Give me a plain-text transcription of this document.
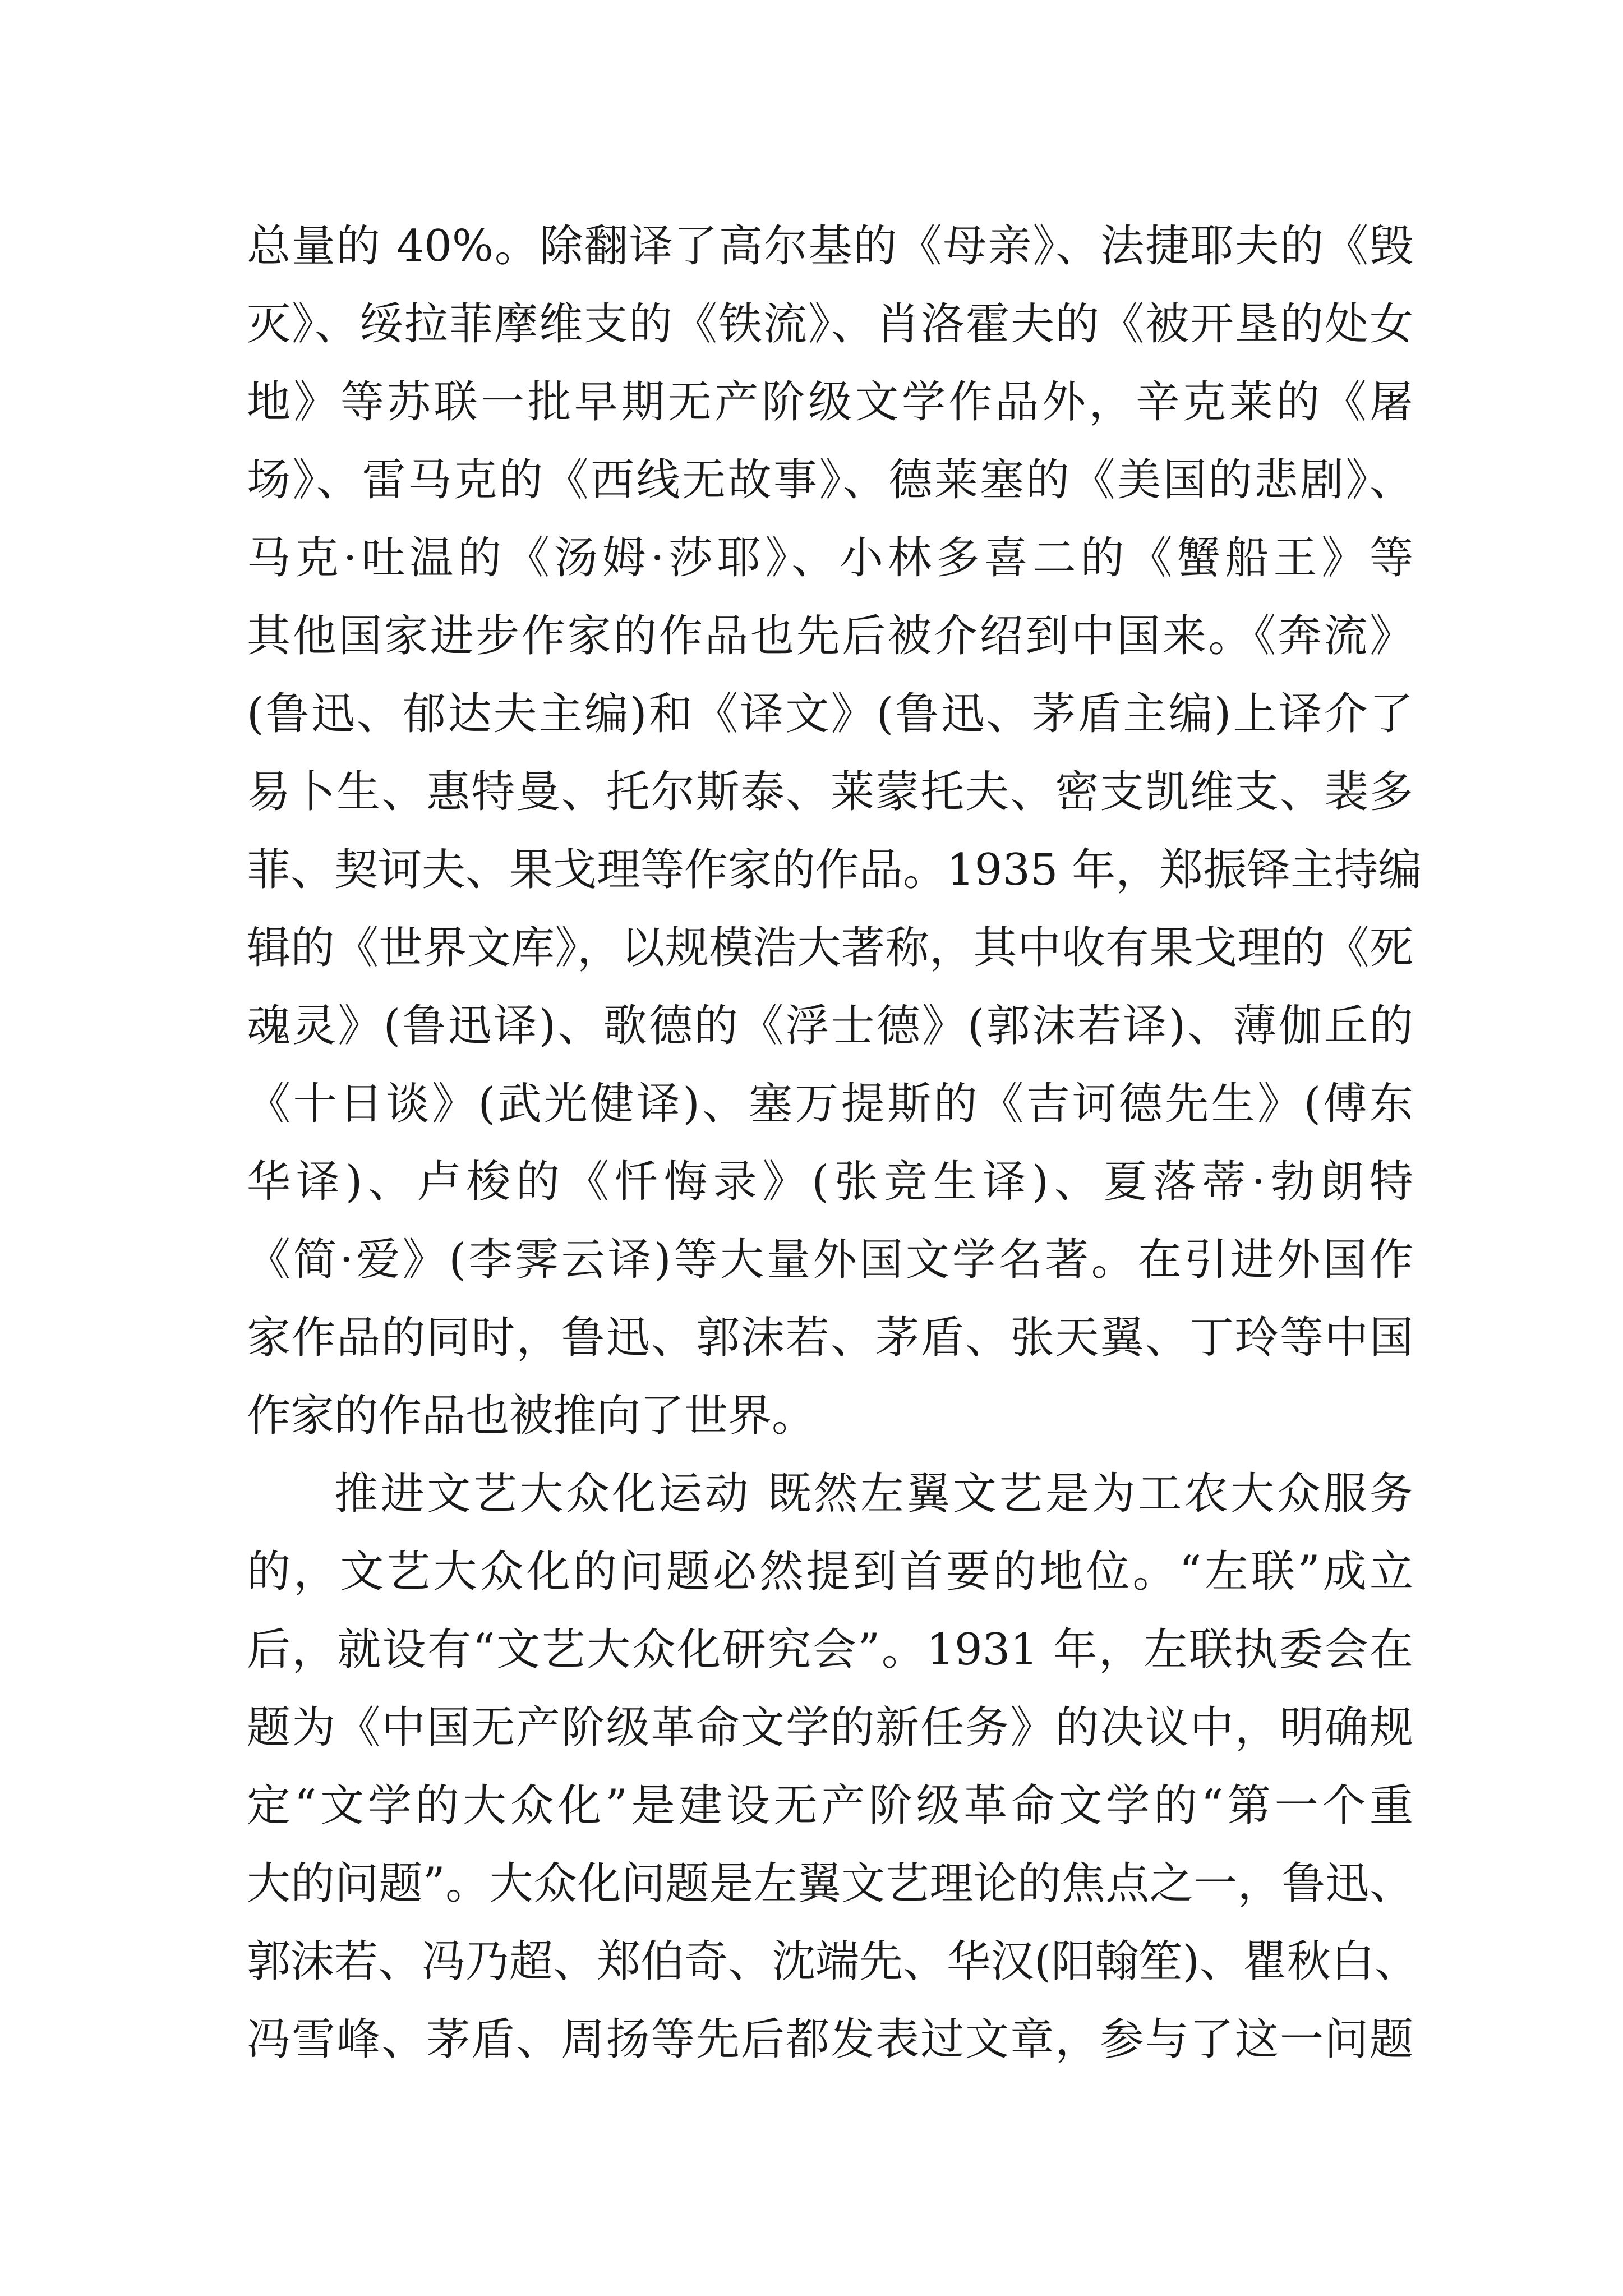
总量的 40%。除翻译了高尔基的《母亲》、法捷耶夫的《毁
灭》、绥拉菲摩维支的《铁流》、肖洛霍夫的《被开垦的处女
地》等苏联一批早期无产阶级文学作品外，辛克莱的《屠
场》、雷马克的《西线无故事》、德莱塞的《美国的悲剧》、
马克·吐温的《汤姆·莎耶》、小林多喜二的《蟹船王》等
其他国家进步作家的作品也先后被介绍到中国来。《奔流》
(鲁迅、郁达夫主编)和《译文》(鲁迅、茅盾主编)上译介了
易卜生、惠特曼、托尔斯泰、莱蒙托夫、密支凯维支、裴多
菲、契诃夫、果戈理等作家的作品。1935 年，郑振铎主持编
辑的《世界文库》，以规模浩大著称，其中收有果戈理的《死
魂灵》(鲁迅译)、歌德的《浮士德》(郭沫若译)、薄伽丘的
《十日谈》(武光健译)、塞万提斯的《吉诃德先生》(傅东
华译)、卢梭的《忏悔录》(张竞生译)、夏落蒂·勃朗特
《简·爱》(李霁云译)等大量外国文学名著。在引进外国作
家作品的同时，鲁迅、郭沫若、茅盾、张天翼、丁玲等中国
作家的作品也被推向了世界。
推进文艺大众化运动 既然左翼文艺是为工农大众服务
的，文艺大众化的问题必然提到首要的地位。“左联”成立
后，就设有“文艺大众化研究会”。1931 年，左联执委会在
题为《中国无产阶级革命文学的新任务》的决议中，明确规
定“文学的大众化”是建设无产阶级革命文学的“第一个重
大的问题”。大众化问题是左翼文艺理论的焦点之一，鲁迅、
郭沫若、冯乃超、郑伯奇、沈端先、华汉(阳翰笙)、瞿秋白、
冯雪峰、茅盾、周扬等先后都发表过文章，参与了这一问题
